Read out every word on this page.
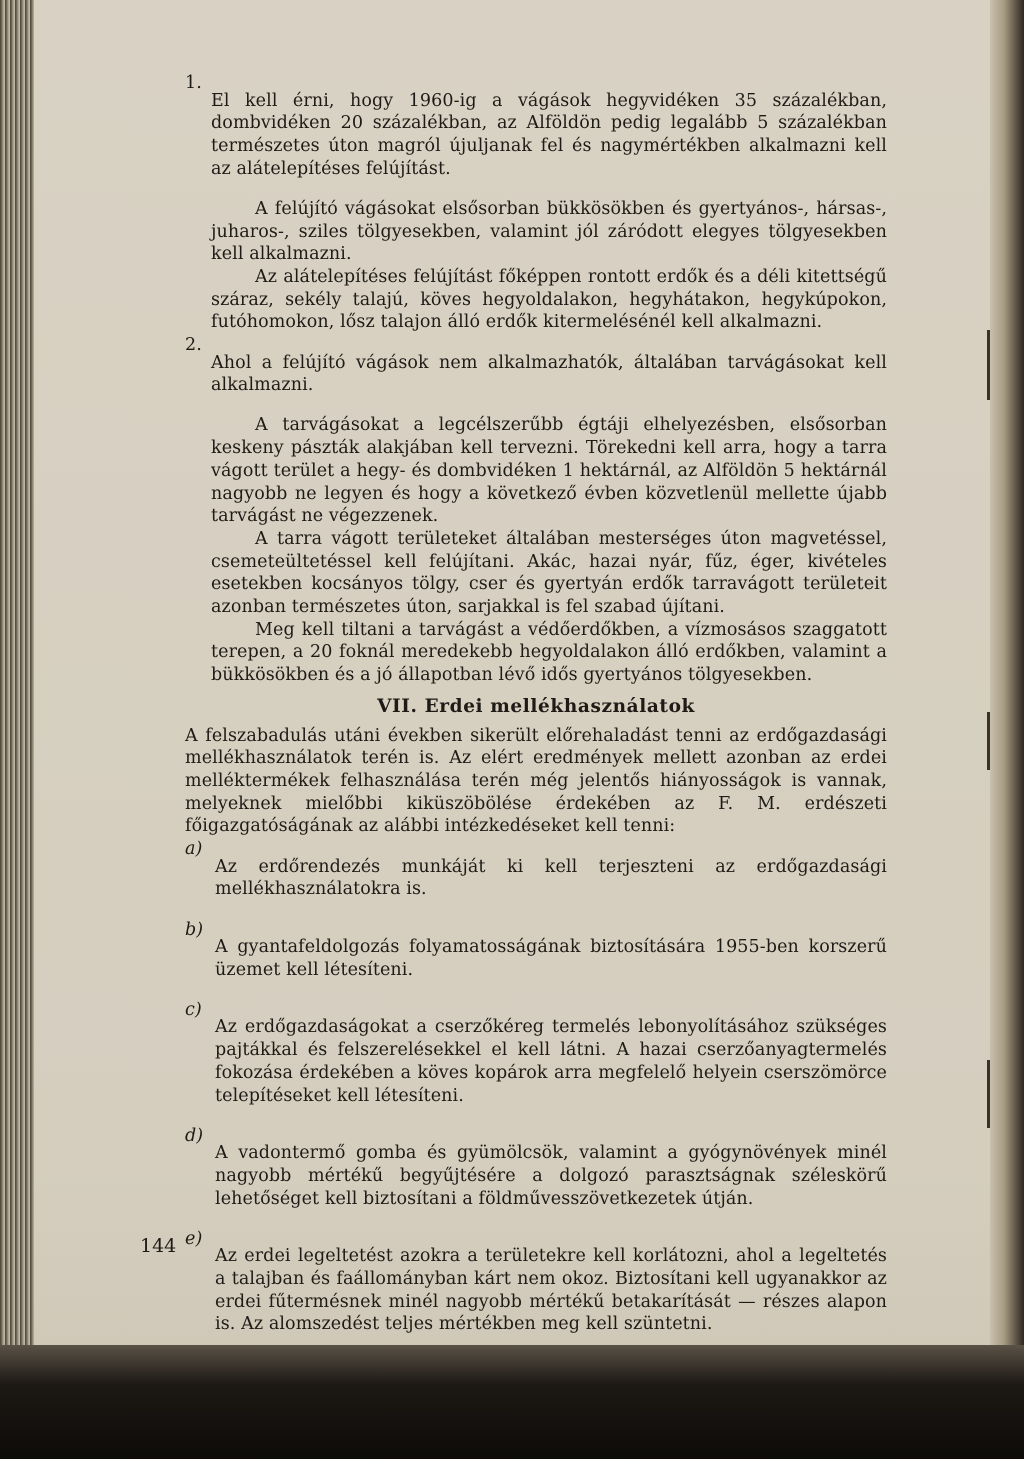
1.

El kell érni, hogy 1960-ig a vágások hegyvidéken 35 százalékban, dombvidéken 20 százalékban, az Alföldön pedig legalább 5 százalékban természetes úton magról újuljanak fel és nagymértékben alkalmazni kell az alátelepítéses felújítást.

A felújító vágásokat elsősorban bükkösökben és gyertyános-, hársas-, juharos-, sziles tölgyesekben, valamint jól záródott elegyes tölgyesekben kell alkalmazni.

Az alátelepítéses felújítást főképpen rontott erdők és a déli kitettségű száraz, sekély talajú, köves hegyoldalakon, hegyhátakon, hegykúpokon, futóhomokon, lősz talajon álló erdők kitermelésénél kell alkalmazni.

2.

Ahol a felújító vágások nem alkalmazhatók, általában tarvágásokat kell alkalmazni.

A tarvágásokat a legcélszerűbb égtáji elhelyezésben, elsősorban keskeny pászták alakjában kell tervezni. Törekedni kell arra, hogy a tarra vágott terület a hegy- és dombvidéken 1 hektárnál, az Alföldön 5 hektárnál nagyobb ne legyen és hogy a következő évben közvetlenül mellette újabb tarvágást ne végezzenek.

A tarra vágott területeket általában mesterséges úton magvetéssel, csemeteültetéssel kell felújítani. Akác, hazai nyár, fűz, éger, kivételes esetekben kocsányos tölgy, cser és gyertyán erdők tarravágott területeit azonban természetes úton, sarjakkal is fel szabad újítani.

Meg kell tiltani a tarvágást a védőerdőkben, a vízmosásos szaggatott terepen, a 20 foknál meredekebb hegyoldalakon álló erdőkben, valamint a bükkösökben és a jó állapotban lévő idős gyertyános tölgyesekben.

VII. Erdei mellékhasználatok

A felszabadulás utáni években sikerült előrehaladást tenni az erdőgazdasági mellékhasználatok terén is. Az elért eredmények mellett azonban az erdei melléktermékek felhasználása terén még jelentős hiányosságok is vannak, melyeknek mielőbbi kiküszöbölése érdekében az F. M. erdészeti főigazgatóságának az alábbi intézkedéseket kell tenni:

a)

Az erdőrendezés munkáját ki kell terjeszteni az erdőgazdasági mellékhasználatokra is.

b)

A gyantafeldolgozás folyamatosságának biztosítására 1955-ben korszerű üzemet kell létesíteni.

c)

Az erdőgazdaságokat a cserzőkéreg termelés lebonyolításához szükséges pajtákkal és felszerelésekkel el kell látni. A hazai cserzőanyagtermelés fokozása érdekében a köves kopárok arra megfelelő helyein cserszömörce telepítéseket kell létesíteni.

d)

A vadontermő gomba és gyümölcsök, valamint a gyógynövények minél nagyobb mértékű begyűjtésére a dolgozó parasztságnak széleskörű lehetőséget kell biztosítani a földművesszövetkezetek útján.

e)

Az erdei legeltetést azokra a területekre kell korlátozni, ahol a legeltetés a talajban és faállományban kárt nem okoz. Biztosítani kell ugyanakkor az erdei fűtermésnek minél nagyobb mértékű betakarítását — részes alapon is. Az alomszedést teljes mértékben meg kell szüntetni.

144
